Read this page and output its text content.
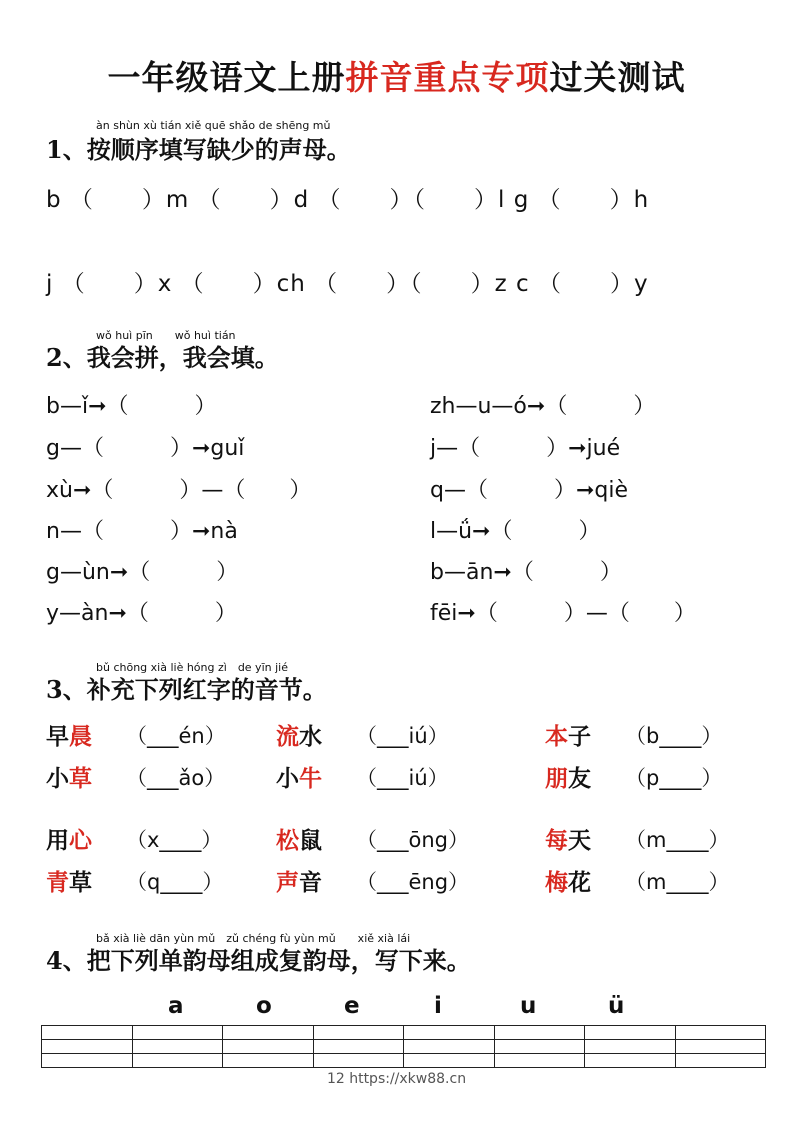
一年级语文上册拼音重点专项过关测试
àn shùn xù tián xiě quē shǎo de shēng mǔ
1、按顺序填写缺少的声母。
b （　　）m （　　）d （　　）（　　）l g （　　）h
j （　　）x （　　）ch （　　）（　　）z c （　　）y
wǒ huì pīn　　wǒ huì tián
2、我会拼，我会填。
b—ǐ➞（　　　）
g—（　　　）➞guǐ
xù➞（　　　）—（　　）
n—（　　　）➞nà
g—ùn➞（　　　）
y—àn➞（　　　）
zh—u—ó➞（　　　）
j—（　　　）➞jué
q—（　　　）➞qiè
l—ǘ➞（　　　）
b—ān➞（　　　）
fēi➞（　　　）—（　　）
bǔ chōng xià liè hóng zì　de yīn jié
3、补充下列红字的音节。
早晨 （___én） 流水 （___iú）	本子 （b____）
小草 （___ǎo） 小牛 （___iú）	朋友 （p____）
用心 （x____） 松鼠 （___ōng）	每天 （m____）
青草 （q____） 声音 （___ēng）	梅花 （m____）
bǎ xià liè dān yùn mǔ　zǔ chéng fù yùn mǔ　　xiě xià lái
4、把下列单韵母组成复韵母，写下来。
a	o	e	i	u	ü

12 https://xkw88.cn
